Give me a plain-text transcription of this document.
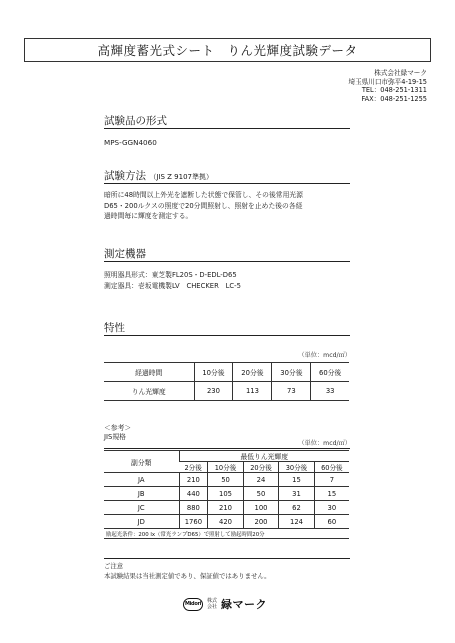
高輝度蓄光式シート　りん光輝度試験データ
株式会社緑マーク
埼玉県川口市弥平4-19-15
TEL：048-251-1311
FAX：048-251-1255
試験品の形式
MPS-GGN4060
試験方法 （JIS Z 9107準拠）
暗所に48時間以上外光を遮断した状態で保管し、その後常用光源
D65・200ルクスの照度で20分間照射し、照射を止めた後の各経
過時間毎に輝度を測定する。
測定機器
照明器具形式：東芝製FL20S・D-EDL-D65
測定器具：壱坂電機製LV　CHECKER　LC-5
特性
（単位：mcd/㎡）
経過時間	10分後	20分後	30分後	60分後
りん光輝度	230	113	73	33
＜参考＞
JIS規格
（単位：mcd/㎡）
副分類	最低りん光輝度				
	2分後	10分後	20分後	30分後	60分後
JA	210	50	24	15	7
JB	440	105	50	31	15
JC	880	210	100	62	30
JD	1760	420	200	124	60
励起光条件：200 lx（常光ランプD65）で照射して励起時間20分					
ご注意
本試験結果は当社測定値であり、保証値ではありません。
Midori	株式会社 緑マーク
